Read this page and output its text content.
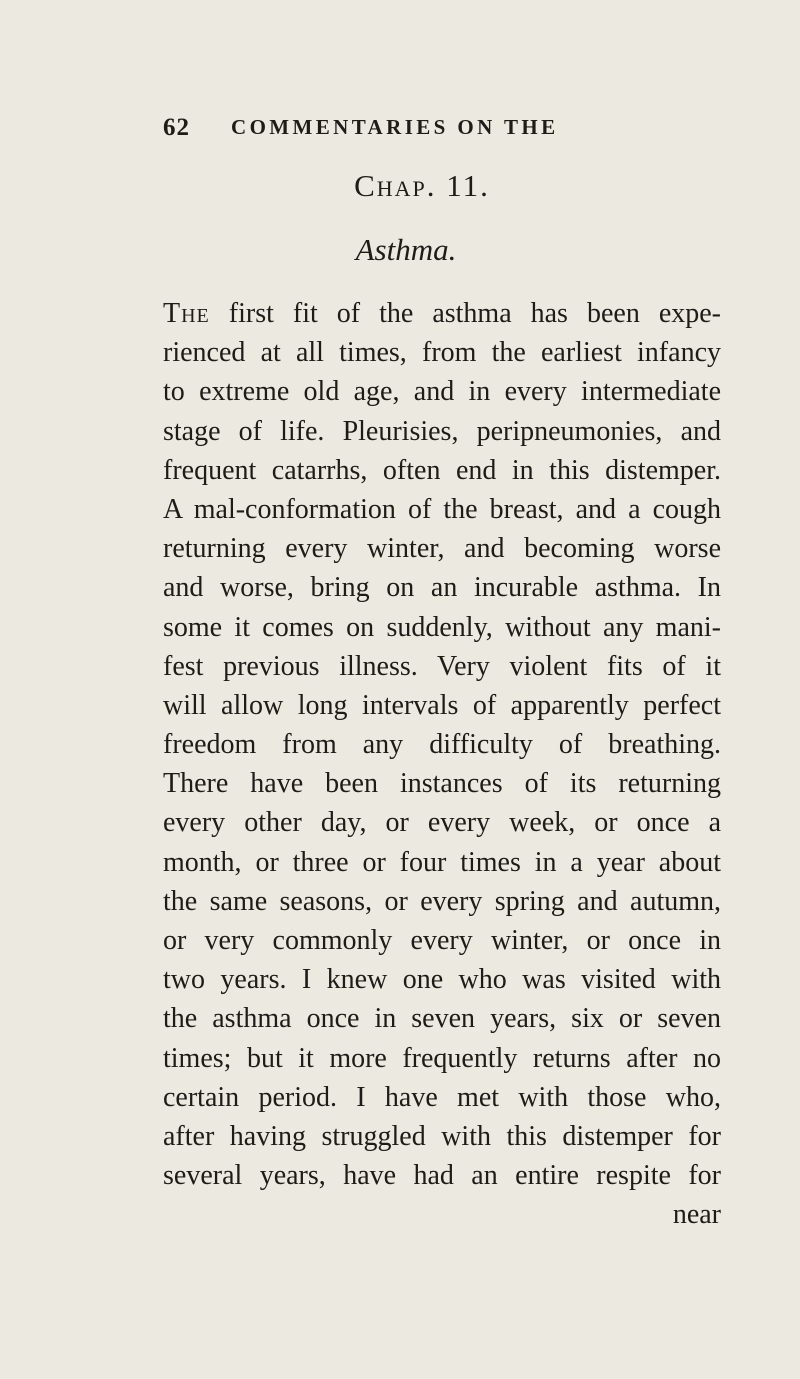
62 COMMENTARIES ON THE
Chap. 11.
Asthma.
The first fit of the asthma has been expe-
rienced at all times, from the earliest infancy
to extreme old age, and in every intermediate
stage of life. Pleurisies, peripneumonies, and
frequent catarrhs, often end in this distemper.
A mal-conformation of the breast, and a cough
returning every winter, and becoming worse
and worse, bring on an incurable asthma. In
some it comes on suddenly, without any mani-
fest previous illness. Very violent fits of it
will allow long intervals of apparently perfect
freedom from any difficulty of breathing.
There have been instances of its returning
every other day, or every week, or once a
month, or three or four times in a year about
the same seasons, or every spring and autumn,
or very commonly every winter, or once in
two years. I knew one who was visited with
the asthma once in seven years, six or seven
times; but it more frequently returns after no
certain period. I have met with those who,
after having struggled with this distemper for
several years, have had an entire respite for
near
